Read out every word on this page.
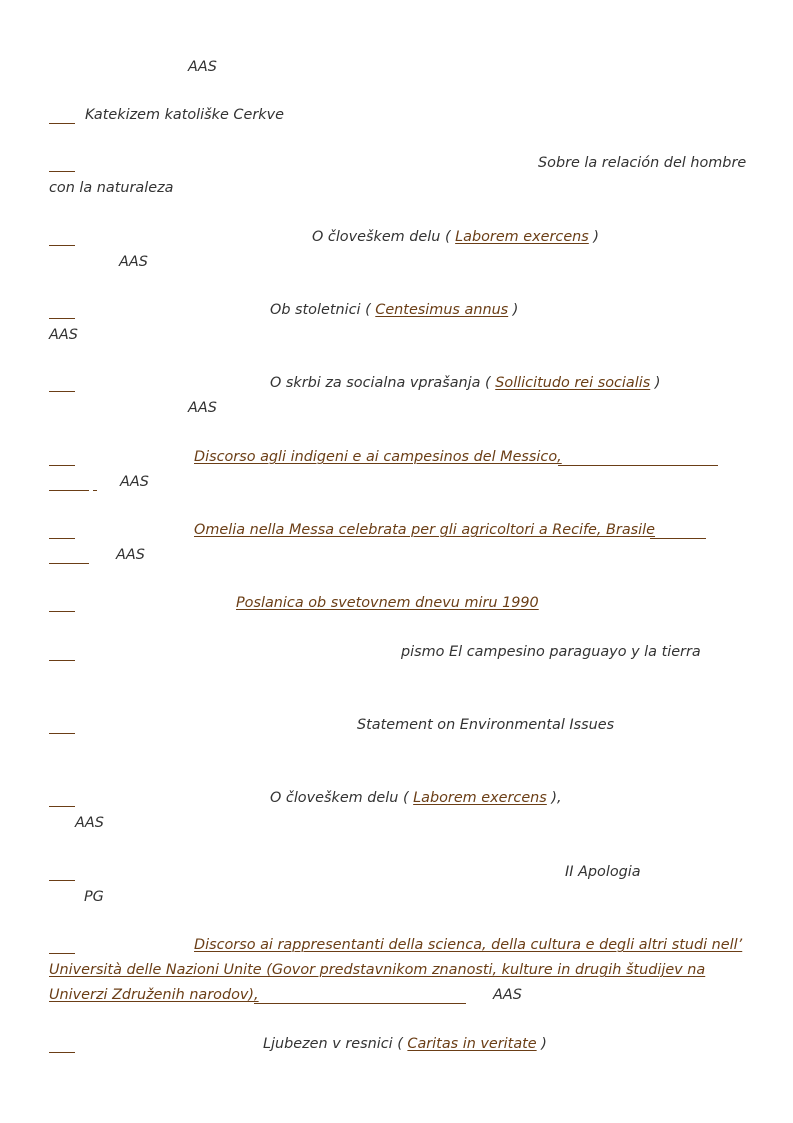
AAS
Katekizem katoliške Cerkve
Sobre la relación del hombre
con la naturaleza
O človeškem delu ( Laborem exercens )
AAS
Ob stoletnici ( Centesimus annus )
AAS
O skrbi za socialna vprašanja ( Sollicitudo rei socialis )
AAS
Discorso agli indigeni e ai campesinos del Messico,
AAS
Omelia nella Messa celebrata per gli agricoltori a Recife, Brasile
AAS
Poslanica ob svetovnem dnevu miru 1990
pismo El campesino paraguayo y la tierra
Statement on Environmental Issues
O človeškem delu ( Laborem exercens ),
AAS
II Apologia
PG
Discorso ai rappresentanti della scienca, della cultura e degli altri studi nell’
Università delle Nazioni Unite (Govor predstavnikom znanosti, kulture in drugih študijev na
Univerzi Združenih narodov),	AAS
Ljubezen v resnici ( Caritas in veritate )
